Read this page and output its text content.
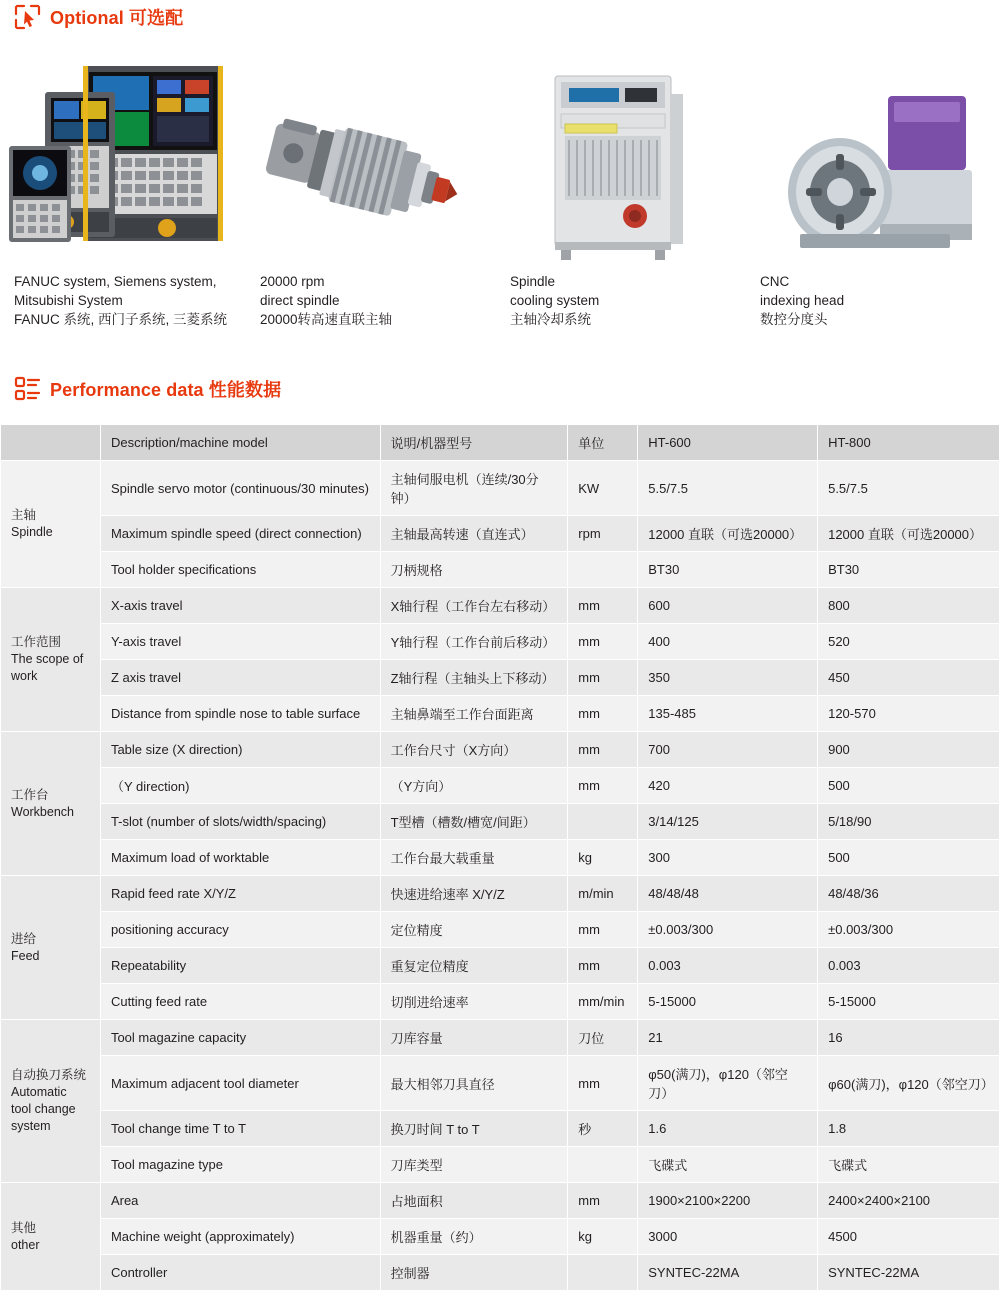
Optional 可选配
FANUC system, Siemens system,
Mitsubishi System
FANUC 系统, 西门子系统, 三菱系统
20000 rpm
direct spindle
20000转高速直联主轴
Spindle
cooling system
主轴冷却系统
CNC
indexing head
数控分度头
Performance data 性能数据
	Description/machine model	说明/机器型号	单位	HT-600	HT-800

主轴
Spindle	Spindle servo motor (continuous/30 minutes)	主轴伺服电机（连续/30分钟）	KW	5.5/7.5	5.5/7.5
	Maximum spindle speed (direct connection)	主轴最高转速（直连式）	rpm	12000 直联（可选20000）	12000 直联（可选20000）
	Tool holder specifications	刀柄规格		BT30	BT30

工作范围
The scope of work	X-axis travel	X轴行程（工作台左右移动）	mm	600	800
	Y-axis travel	Y轴行程（工作台前后移动）	mm	400	520
	Z axis travel	Z轴行程（主轴头上下移动）	mm	350	450
	Distance from spindle nose to table surface	主轴鼻端至工作台面距离	mm	135-485	120-570

工作台
Workbench	Table size (X direction)	工作台尺寸（X方向）	mm	700	900
	（Y direction)	（Y方向）	mm	420	500
	T-slot (number of slots/width/spacing)	T型槽（槽数/槽宽/间距）		3/14/125	5/18/90
	Maximum load of worktable	工作台最大载重量	kg	300	500

进给
Feed	Rapid feed rate X/Y/Z	快速进给速率 X/Y/Z	m/min	48/48/48	48/48/36
	positioning accuracy	定位精度	mm	±0.003/300	±0.003/300
	Repeatability	重复定位精度	mm	0.003	0.003
	Cutting feed rate	切削进给速率	mm/min	5-15000	5-15000

自动换刀系统
Automatic tool change system	Tool magazine capacity	刀库容量	刀位	21	16
	Maximum adjacent tool diameter	最大相邻刀具直径	mm	φ50(满刀)，φ120（邻空刀）	φ60(满刀)，φ120（邻空刀）
	Tool change time T to T	换刀时间 T to T	秒	1.6	1.8
	Tool magazine type	刀库类型		飞碟式	飞碟式

其他
other	Area	占地面积	mm	1900×2100×2200	2400×2400×2100
	Machine weight (approximately)	机器重量（约）	kg	3000	4500
	Controller	控制器		SYNTEC-22MA	SYNTEC-22MA
